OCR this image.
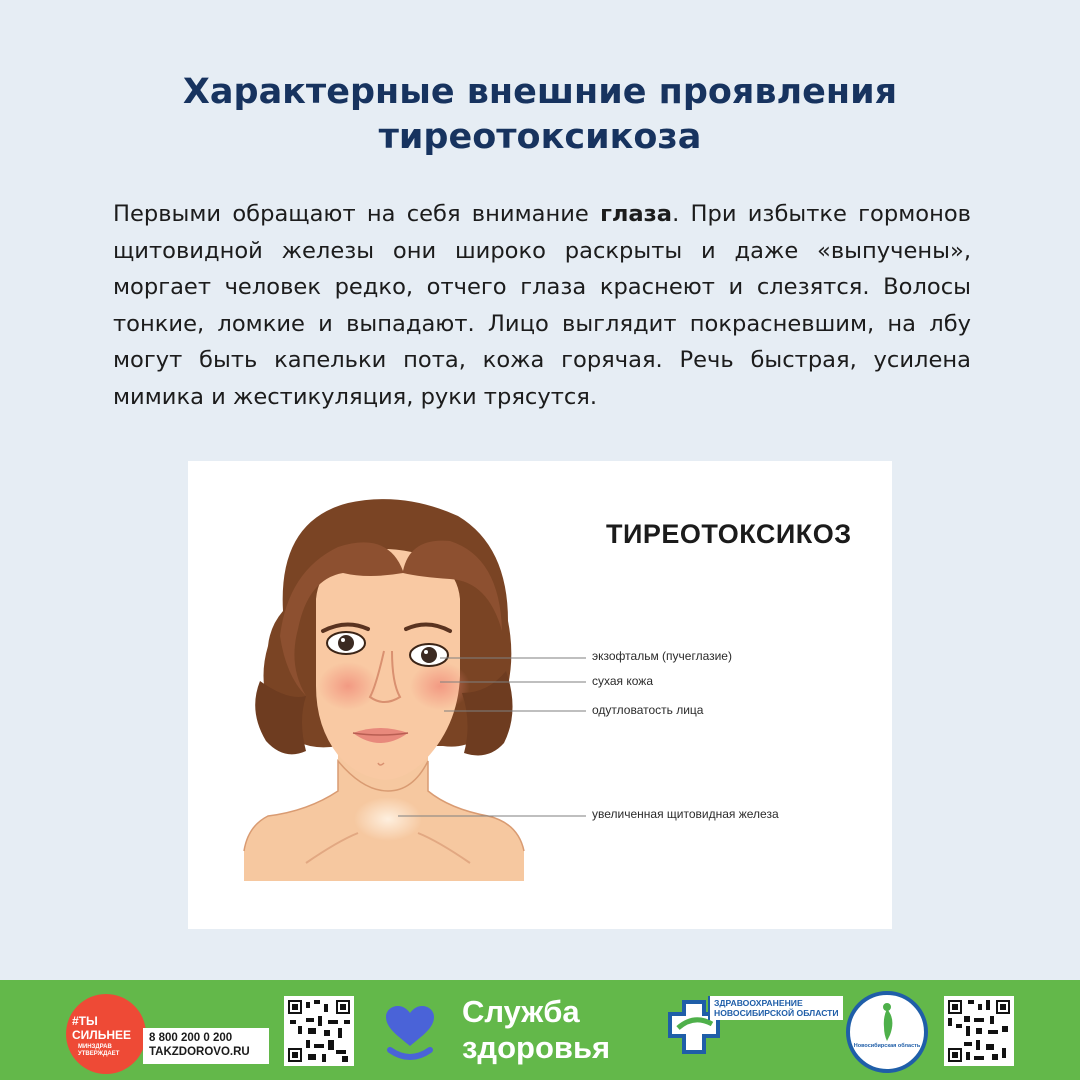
Характерные внешние проявления
тиреотоксикоза

Первыми обращают на себя внимание глаза. При избытке гормонов щитовидной железы они широко раскрыты и даже «выпучены», моргает человек редко, отчего глаза краснеют и слезятся. Волосы тонкие, ломкие и выпадают. Лицо выглядит покрасневшим, на лбу могут быть капельки пота, кожа горячая. Речь быстрая, усилена мимика и жестикуляция, руки трясутся.

ТИРЕОТОКСИКОЗ
экзофтальм (пучеглазие)
сухая кожа
одутловатость лица
увеличенная щитовидная железа
#ТЫ
СИЛЬНЕЕ
МИНЗДРАВ УТВЕРЖДАЕТ
8 800 200 0 200
TAKZDOROVO.RU
Служба
здоровья
ЗДРАВООХРАНЕНИЕ
НОВОСИБИРСКОЙ ОБЛАСТИ
Новосибирская область
